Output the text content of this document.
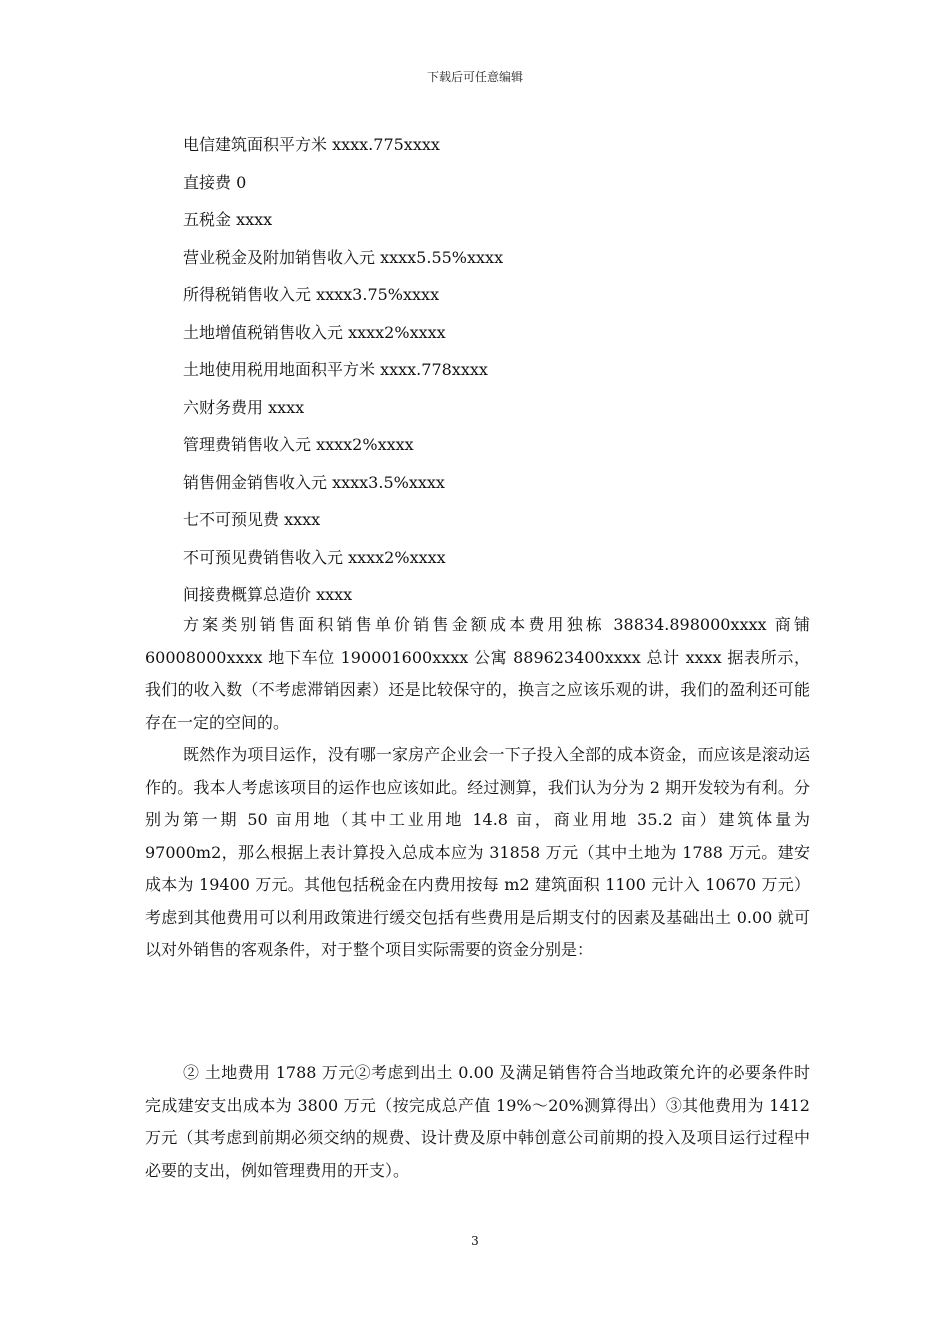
下载后可任意编辑
电信建筑面积平方米 xxxx.775xxxx
直接费 0
五税金 xxxx
营业税金及附加销售收入元 xxxx5.55%xxxx
所得税销售收入元 xxxx3.75%xxxx
土地增值税销售收入元 xxxx2%xxxx
土地使用税用地面积平方米 xxxx.778xxxx
六财务费用 xxxx
管理费销售收入元 xxxx2%xxxx
销售佣金销售收入元 xxxx3.5%xxxx
七不可预见费 xxxx
不可预见费销售收入元 xxxx2%xxxx
间接费概算总造价 xxxx

方案类别销售面积销售单价销售金额成本费用独栋 38834.898000xxxx 商铺 60008000xxxx 地下车位 190001600xxxx 公寓 889623400xxxx 总计 xxxx 据表所示，我们的收入数（不考虑滞销因素）还是比较保守的，换言之应该乐观的讲，我们的盈利还可能存在一定的空间的。

既然作为项目运作，没有哪一家房产企业会一下子投入全部的成本资金，而应该是滚动运作的。我本人考虑该项目的运作也应该如此。经过测算，我们认为分为 2 期开发较为有利。分别为第一期 50 亩用地（其中工业用地 14.8 亩，商业用地 35.2 亩）建筑体量为 97000m2，那么根据上表计算投入总成本应为 31858 万元（其中土地为 1788 万元。建安成本为 19400 万元。其他包括税金在内费用按每 m2 建筑面积 1100 元计入 10670 万元）考虑到其他费用可以利用政策进行缓交包括有些费用是后期支付的因素及基础出土 0.00 就可以对外销售的客观条件，对于整个项目实际需要的资金分别是：

② 土地费用 1788 万元②考虑到出土 0.00 及满足销售符合当地政策允许的必要条件时完成建安支出成本为 3800 万元（按完成总产值 19%～20%测算得出）③其他费用为 1412 万元（其考虑到前期必须交纳的规费、设计费及原中韩创意公司前期的投入及项目运行过程中必要的支出，例如管理费用的开支）。

3
